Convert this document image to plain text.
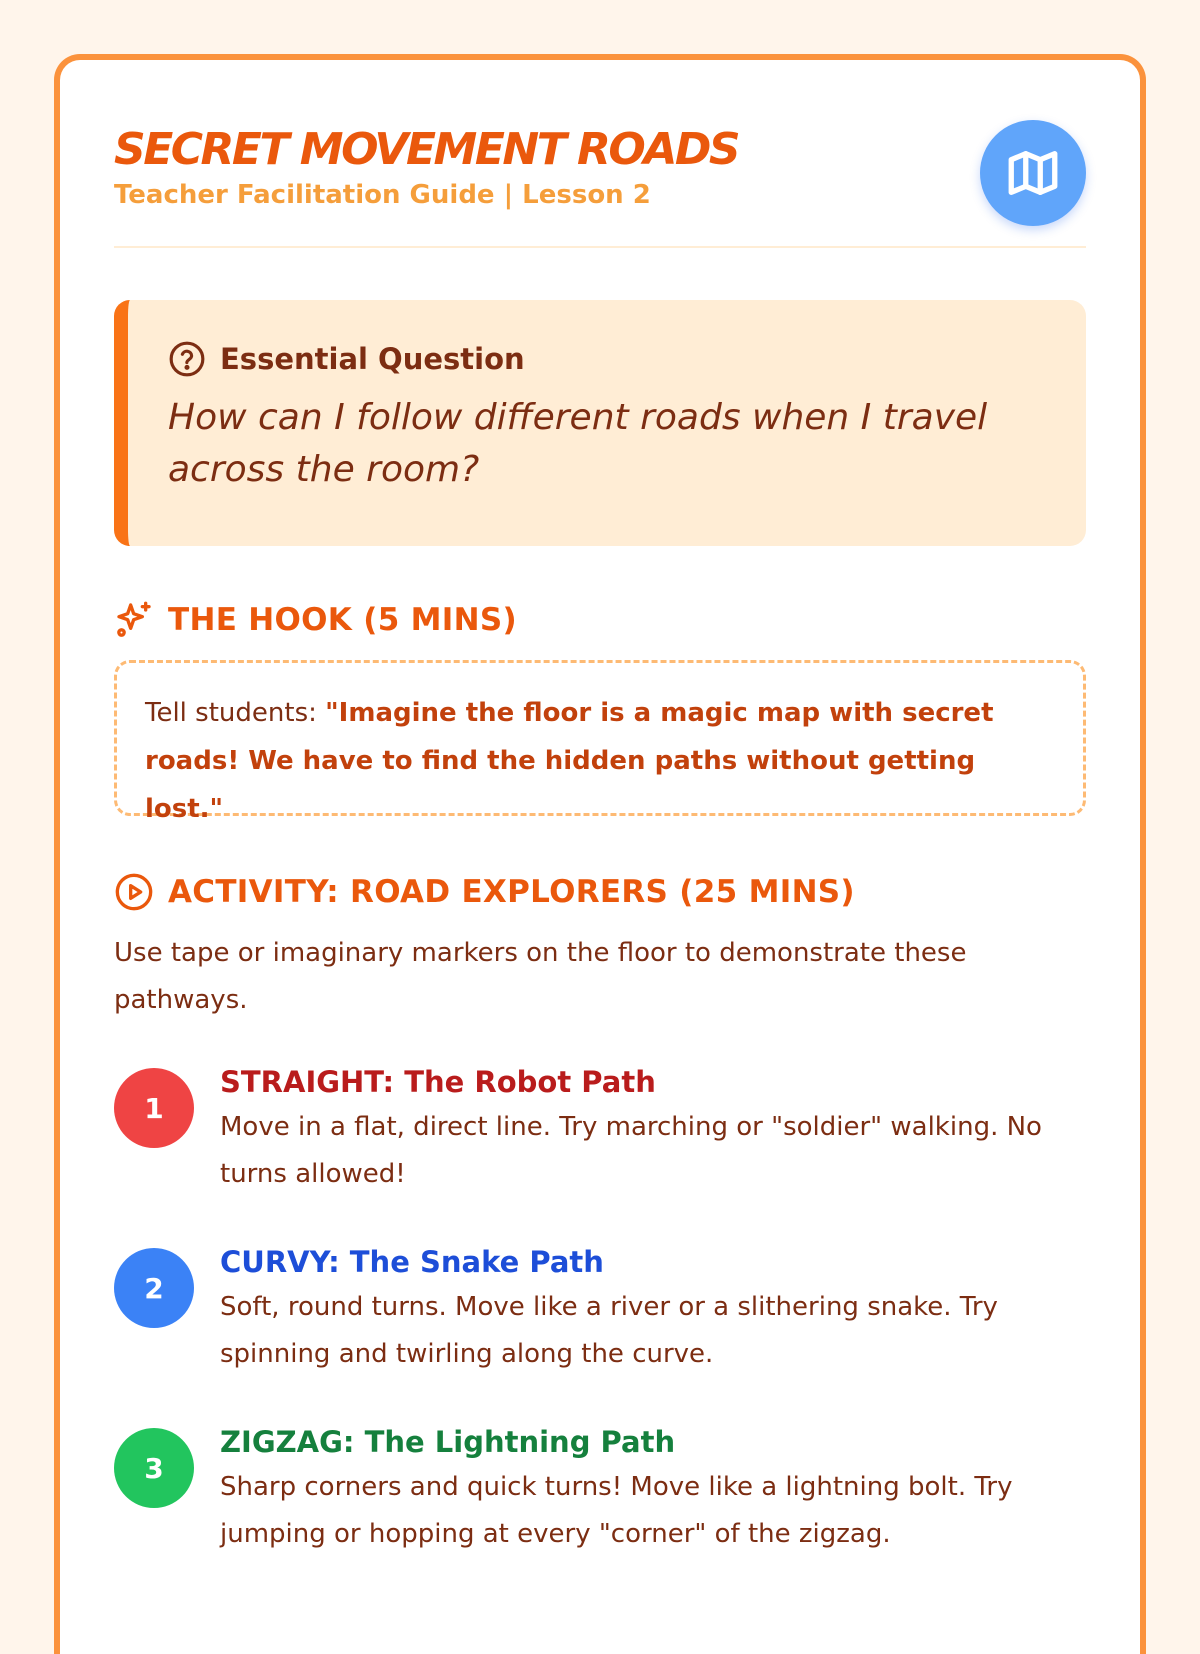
SECRET MOVEMENT ROADS
Teacher Facilitation Guide | Lesson 2
Essential Question
How can I follow different roads when I travel across the room?
THE HOOK (5 MINS)
Tell students: "Imagine the floor is a magic map with secret roads! We have to find the hidden paths without getting lost."
ACTIVITY: ROAD EXPLORERS (25 MINS)
Use tape or imaginary markers on the floor to demonstrate these pathways.
1
STRAIGHT: The Robot Path
Move in a flat, direct line. Try marching or "soldier" walking. No turns allowed!
2
CURVY: The Snake Path
Soft, round turns. Move like a river or a slithering snake. Try spinning and twirling along the curve.
3
ZIGZAG: The Lightning Path
Sharp corners and quick turns! Move like a lightning bolt. Try jumping or hopping at every "corner" of the zigzag.
